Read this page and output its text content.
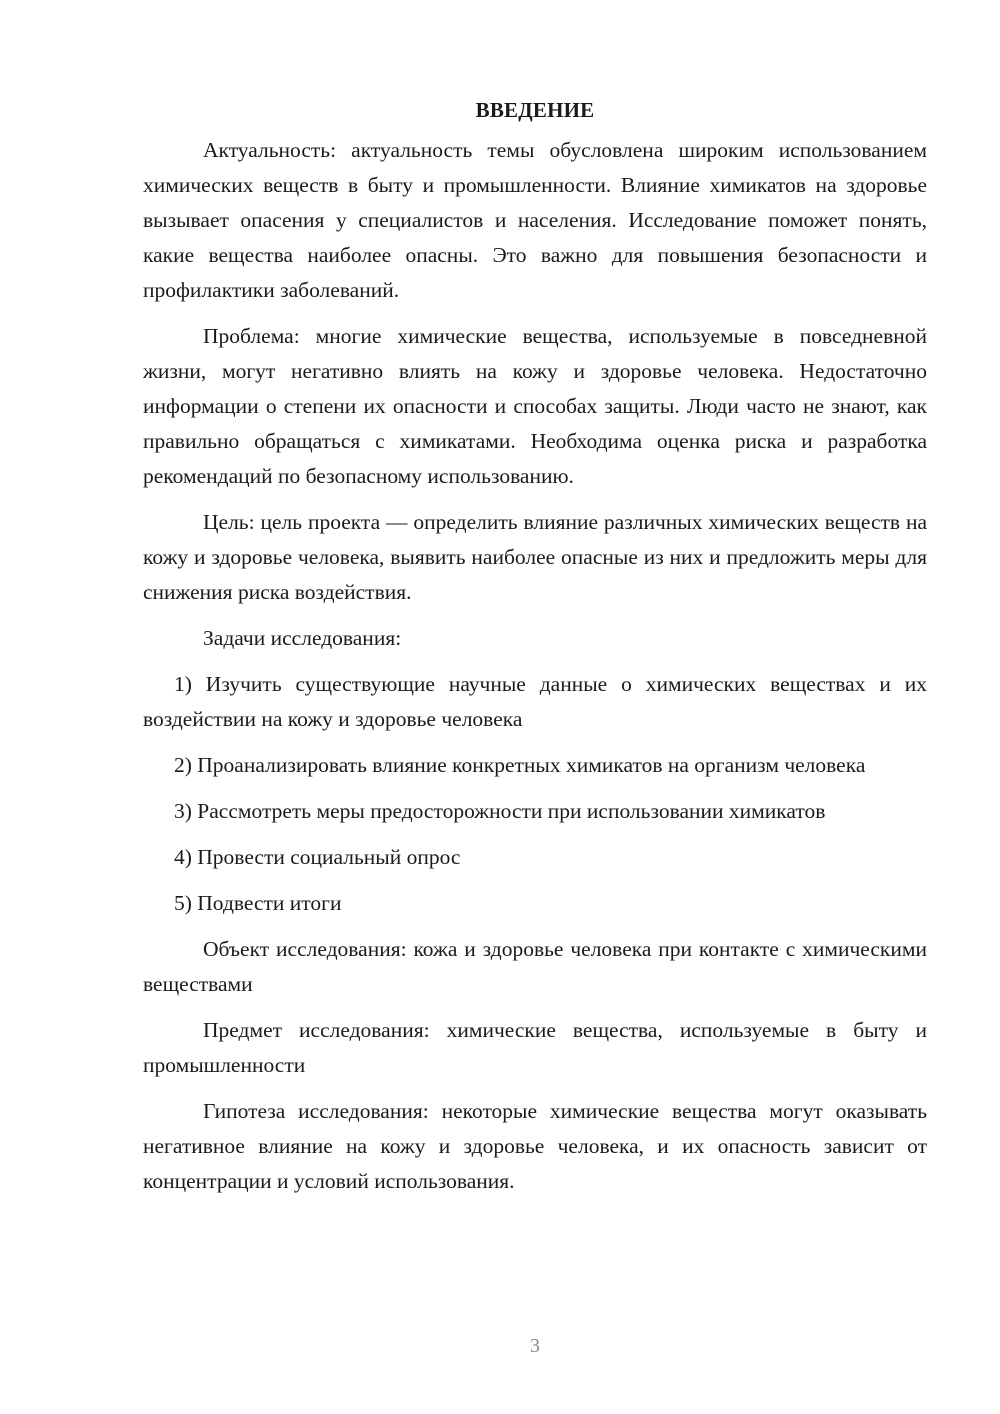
ВВЕДЕНИЕ

Актуальность: актуальность темы обусловлена широким использованием химических веществ в быту и промышленности. Влияние химикатов на здоровье вызывает опасения у специалистов и населения. Исследование поможет понять, какие вещества наиболее опасны. Это важно для повышения безопасности и профилактики заболеваний.

Проблема: многие химические вещества, используемые в повседневной жизни, могут негативно влиять на кожу и здоровье человека. Недостаточно информации о степени их опасности и способах защиты. Люди часто не знают, как правильно обращаться с химикатами. Необходима оценка риска и разработка рекомендаций по безопасному использованию.

Цель: цель проекта — определить влияние различных химических веществ на кожу и здоровье человека, выявить наиболее опасные из них и предложить меры для снижения риска воздействия.

Задачи исследования:

1) Изучить существующие научные данные о химических веществах и их воздействии на кожу и здоровье человека

2) Проанализировать влияние конкретных химикатов на организм человека

3) Рассмотреть меры предосторожности при использовании химикатов

4) Провести социальный опрос

5) Подвести итоги

Объект исследования: кожа и здоровье человека при контакте с химическими веществами

Предмет исследования: химические вещества, используемые в быту и промышленности

Гипотеза исследования: некоторые химические вещества могут оказывать негативное влияние на кожу и здоровье человека, и их опасность зависит от концентрации и условий использования.

3
